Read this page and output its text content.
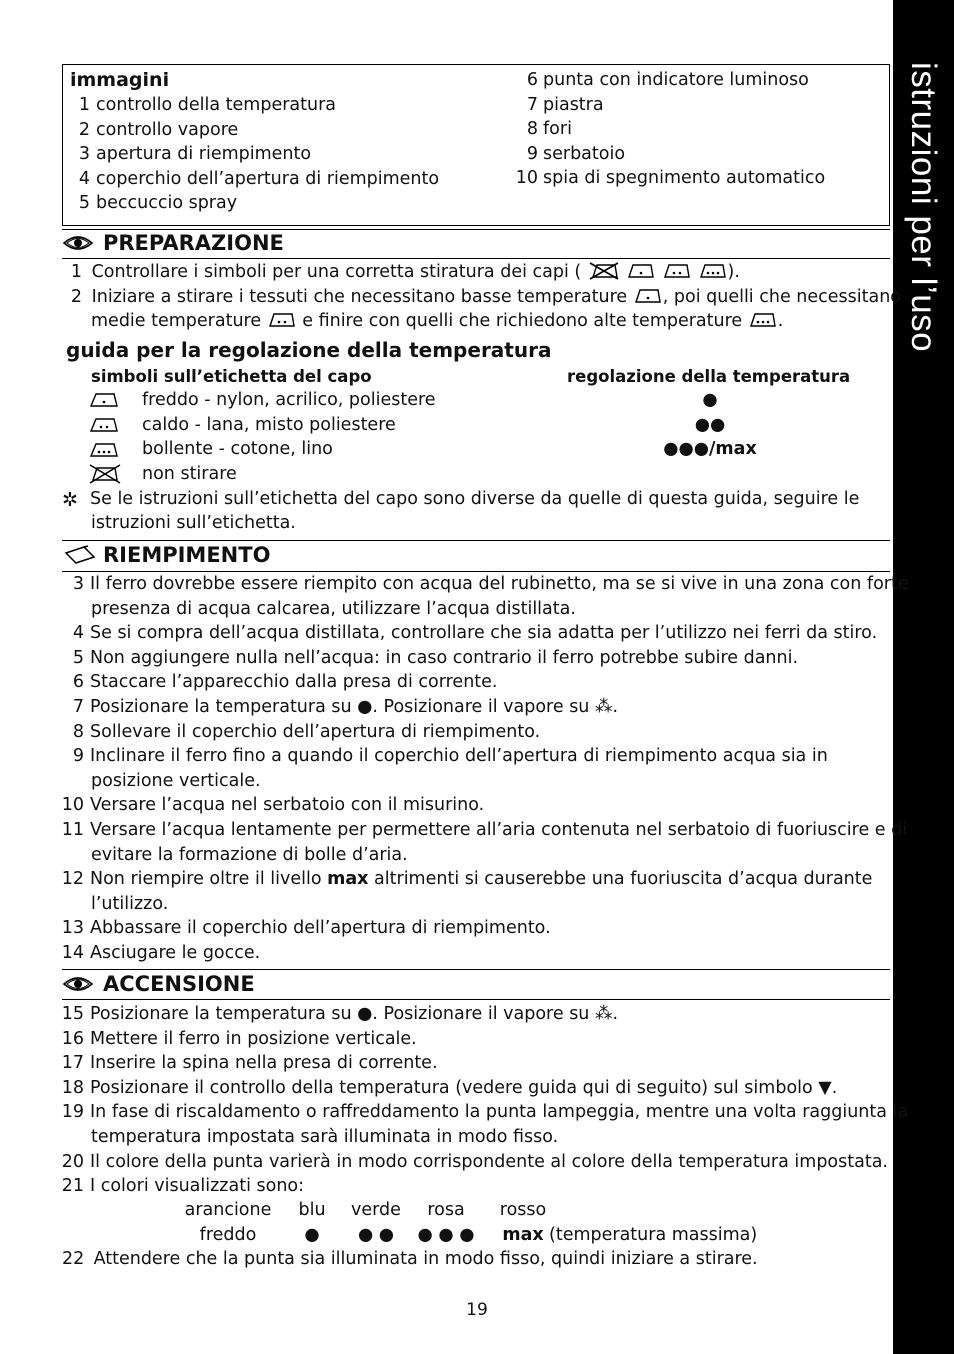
istruzioni per l’uso
immagini
1 controllo della temperatura
2 controllo vapore
3 apertura di riempimento
4 coperchio dell’apertura di riempimento
5 beccuccio spray
6 punta con indicatore luminoso
7 piastra
8 fori
9 serbatoio
10 spia di spegnimento automatico
PREPARAZIONE
1 Controllare i simboli per una corretta stiratura dei capi (

	).
2 Iniziare a stirare i tessuti che necessitano basse temperature
, poi quelli che necessitano
medie temperature
e finire con quelli che richiedono alte temperature
.
guida per la regolazione della temperatura
simboli sull’etichetta del capo	regolazione della temperatura
freddo - nylon, acrilico, poliestere	●
caldo - lana, misto poliestere	●●
bollente - cotone, lino	●●●/max
non stirare
✲ Se le istruzioni sull’etichetta del capo sono diverse da quelle di questa guida, seguire le
istruzioni sull’etichetta.
RIEMPIMENTO
3 Il ferro dovrebbe essere riempito con acqua del rubinetto, ma se si vive in una zona con forte
presenza di acqua calcarea, utilizzare l’acqua distillata.
4 Se si compra dell’acqua distillata, controllare che sia adatta per l’utilizzo nei ferri da stiro.
5 Non aggiungere nulla nell’acqua: in caso contrario il ferro potrebbe subire danni.
6 Staccare l’apparecchio dalla presa di corrente.
7 Posizionare la temperatura su ●. Posizionare il vapore su ⁂.
8 Sollevare il coperchio dell’apertura di riempimento.
9 Inclinare il ferro fino a quando il coperchio dell’apertura di riempimento acqua sia in
posizione verticale.
10 Versare l’acqua nel serbatoio con il misurino.
11 Versare l’acqua lentamente per permettere all’aria contenuta nel serbatoio di fuoriuscire e di
evitare la formazione di bolle d’aria.
12 Non riempire oltre il livello max altrimenti si causerebbe una fuoriuscita d’acqua durante
l’utilizzo.
13 Abbassare il coperchio dell’apertura di riempimento.
14 Asciugare le gocce.
ACCENSIONE
15 Posizionare la temperatura su ●. Posizionare il vapore su ⁂.
16 Mettere il ferro in posizione verticale.
17 Inserire la spina nella presa di corrente.
18 Posizionare il controllo della temperatura (vedere guida qui di seguito) sul simbolo ▼.
19 In fase di riscaldamento o raffreddamento la punta lampeggia, mentre una volta raggiunta la
temperatura impostata sarà illuminata in modo fisso.
20 Il colore della punta varierà in modo corrispondente al colore della temperatura impostata.
21 I colori visualizzati sono:
arancione	blu	verde	rosa	rosso
freddo	●	● ●	● ● ●	max (temperatura massima)
22 Attendere che la punta sia illuminata in modo fisso, quindi iniziare a stirare.
19
